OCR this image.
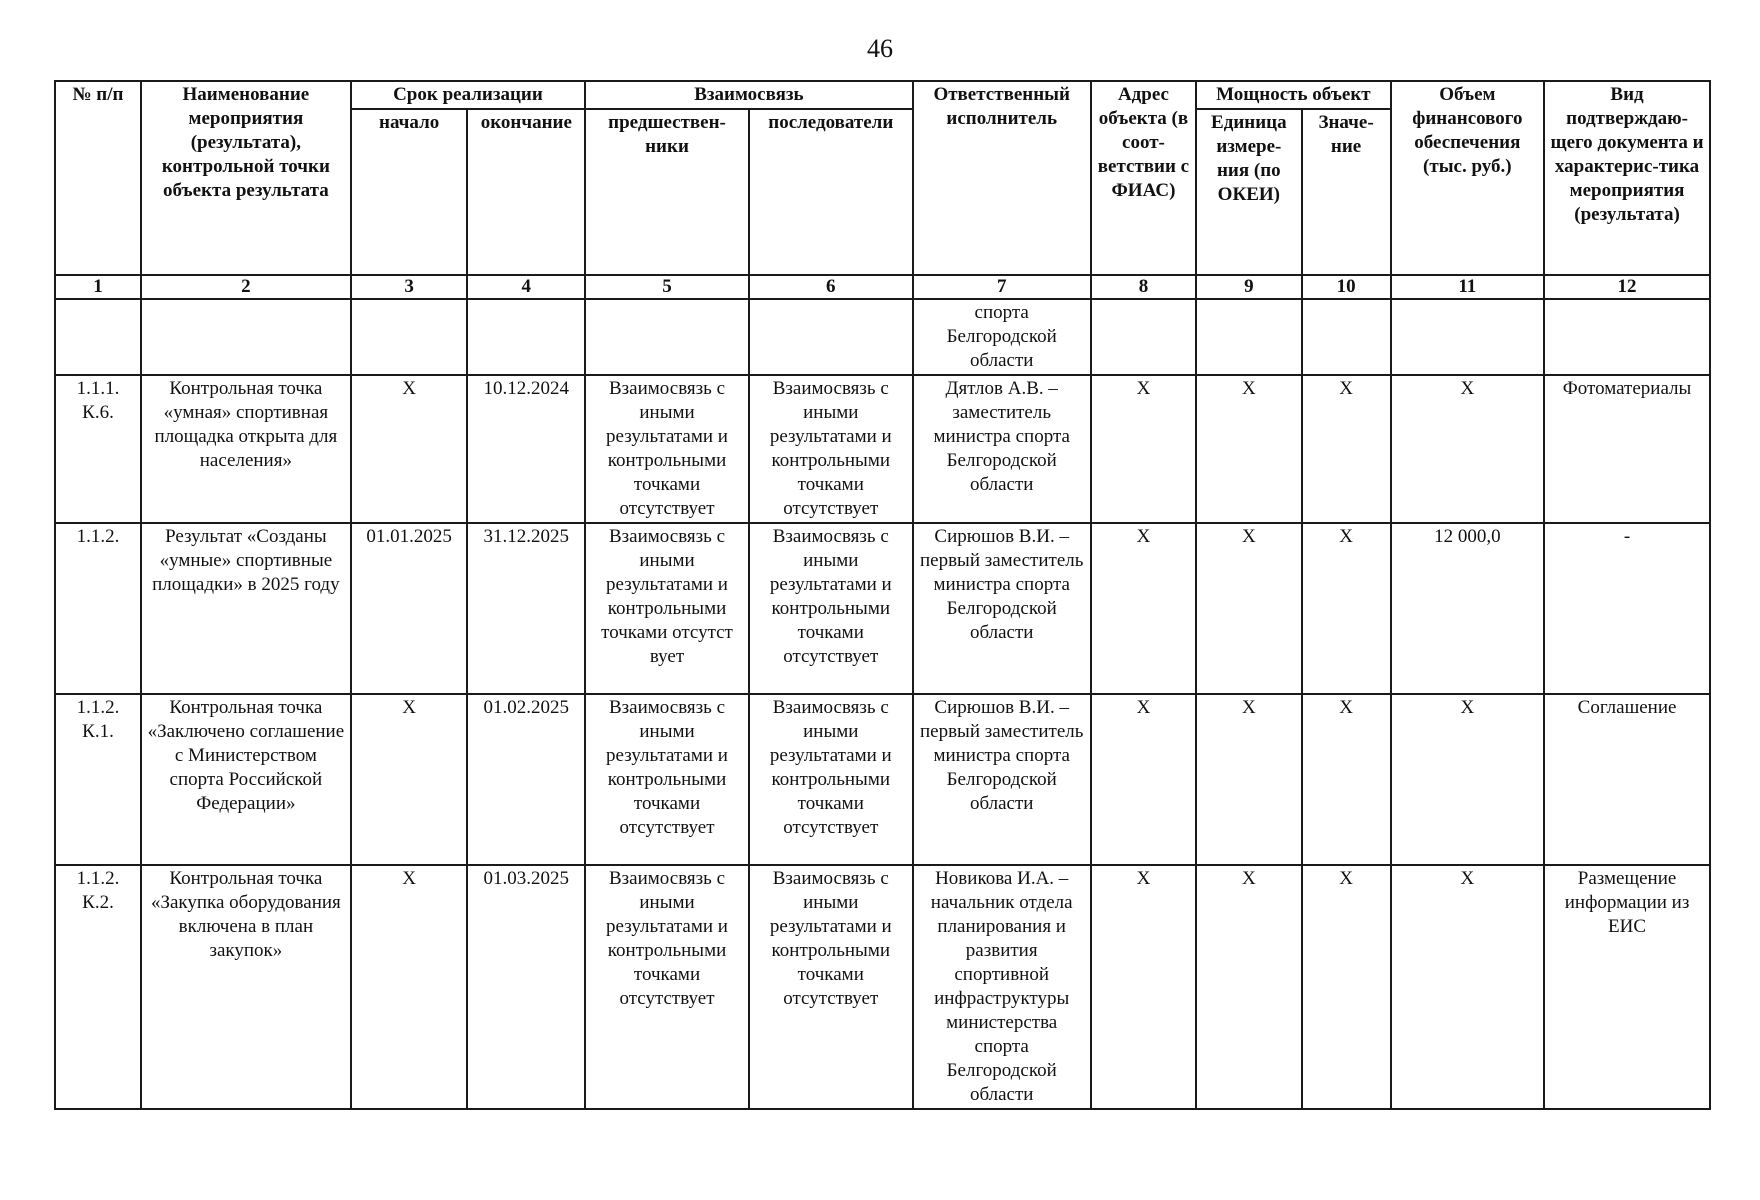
46
№ п/п	Наименование мероприятия (результата), контрольной точки объекта результата	Срок реализации		Взаимосвязь		Ответственный исполнитель	Адрес объекта (в соот-ветствии с ФИАС)	Мощность объект		Объем финансового обеспечения (тыс. руб.)	Вид подтверждаю-щего документа и характерис-тика мероприятия (результата)
		начало	окончание	предшествен-ники	последователи			Единица измере-ния (по ОКЕИ)	Значе-ние		
1	2	3	4	5	6	7	8	9	10	11	12
						спорта Белгородской области					
1.1.1. К.6.	Контрольная точка «умная» спортивная площадка открыта для населения»	Х	10.12.2024	Взаимосвязь с иными результатами и контрольными точками отсутствует	Взаимосвязь с иными результатами и контрольными точками отсутствует	Дятлов А.В. – заместитель министра спорта Белгородской области	Х	Х	Х	Х	Фотоматериалы
1.1.2.	Результат «Созданы «умные» спортивные площадки» в 2025 году	01.01.2025	31.12.2025	Взаимосвязь с иными результатами и контрольными точками отсутст вует	Взаимосвязь с иными результатами и контрольными точками отсутствует	Сирюшов В.И. – первый заместитель министра спорта Белгородской области	Х	Х	Х	12 000,0	-
1.1.2. К.1.	Контрольная точка «Заключено соглашение с Министерством спорта Российской Федерации»	Х	01.02.2025	Взаимосвязь с иными результатами и контрольными точками отсутствует	Взаимосвязь с иными результатами и контрольными точками отсутствует	Сирюшов В.И. – первый заместитель министра спорта Белгородской области	Х	Х	Х	Х	Соглашение
1.1.2. К.2.	Контрольная точка «Закупка оборудования включена в план закупок»	Х	01.03.2025	Взаимосвязь с иными результатами и контрольными точками отсутствует	Взаимосвязь с иными результатами и контрольными точками отсутствует	Новикова И.А. – начальник отдела планирования и развития спортивной инфраструктуры министерства спорта Белгородской области	Х	Х	Х	Х	Размещение информации из ЕИС
